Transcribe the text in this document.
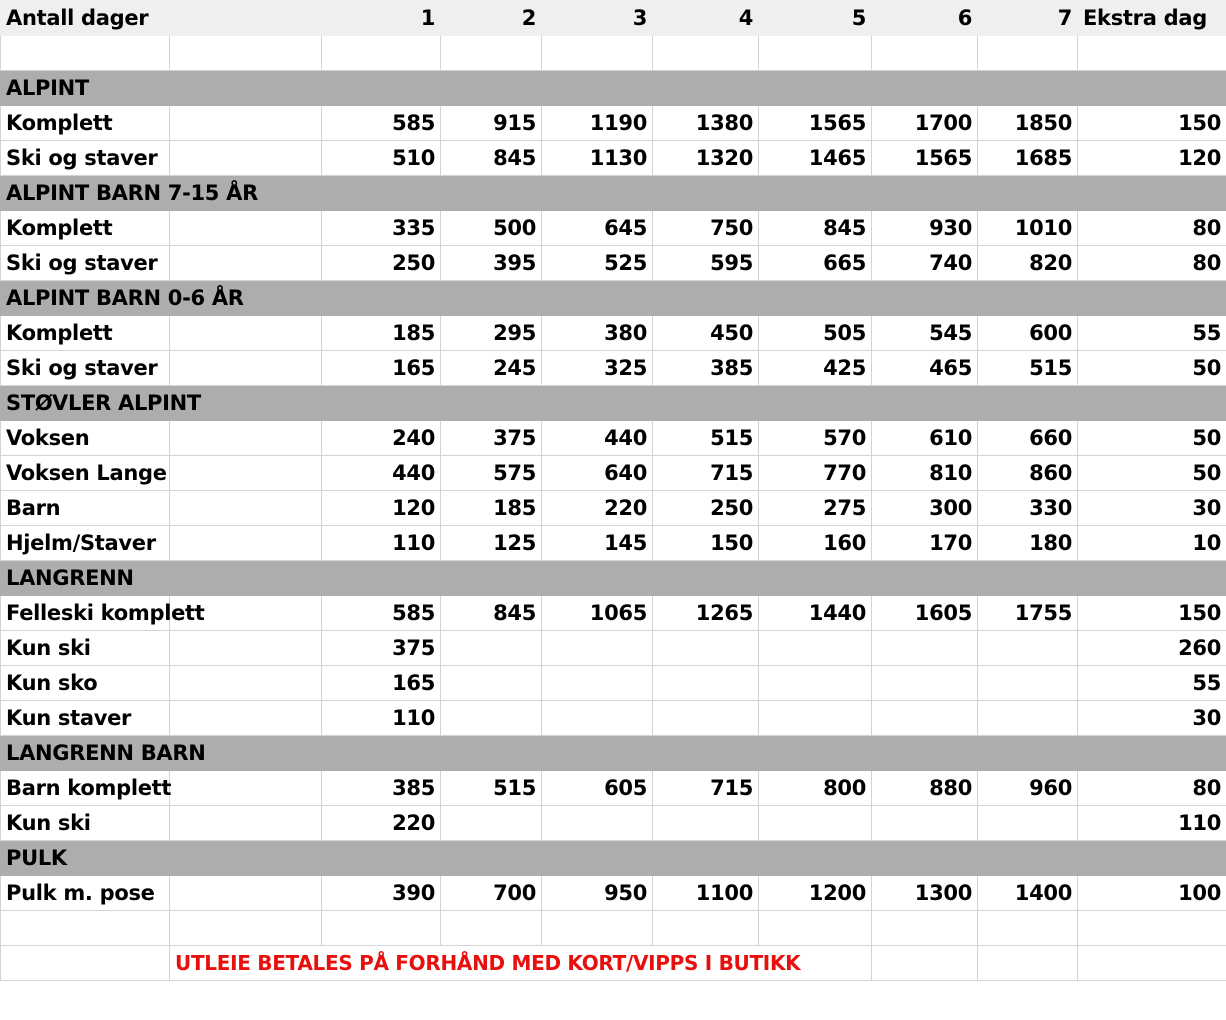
Antall dager		1	2	3	4	5	6	7	Ekstra dag

ALPINT									
Komplett		585	915	1190	1380	1565	1700	1850	150
Ski og staver		510	845	1130	1320	1465	1565	1685	120
ALPINT BARN 7-15 ÅR									
Komplett		335	500	645	750	845	930	1010	80
Ski og staver		250	395	525	595	665	740	820	80
ALPINT BARN 0-6 ÅR									
Komplett		185	295	380	450	505	545	600	55
Ski og staver		165	245	325	385	425	465	515	50
STØVLER ALPINT									
Voksen		240	375	440	515	570	610	660	50
Voksen Lange		440	575	640	715	770	810	860	50
Barn		120	185	220	250	275	300	330	30
Hjelm/Staver		110	125	145	150	160	170	180	10
LANGRENN									
Felleski komplett		585	845	1065	1265	1440	1605	1755	150
Kun ski		375							260
Kun sko		165							55
Kun staver		110							30
LANGRENN BARN									
Barn komplett		385	515	605	715	800	880	960	80
Kun ski		220							110
PULK									
Pulk m. pose		390	700	950	1100	1200	1300	1400	100

	UTLEIE BETALES PÅ FORHÅND MED KORT/VIPPS I BUTIKK								
